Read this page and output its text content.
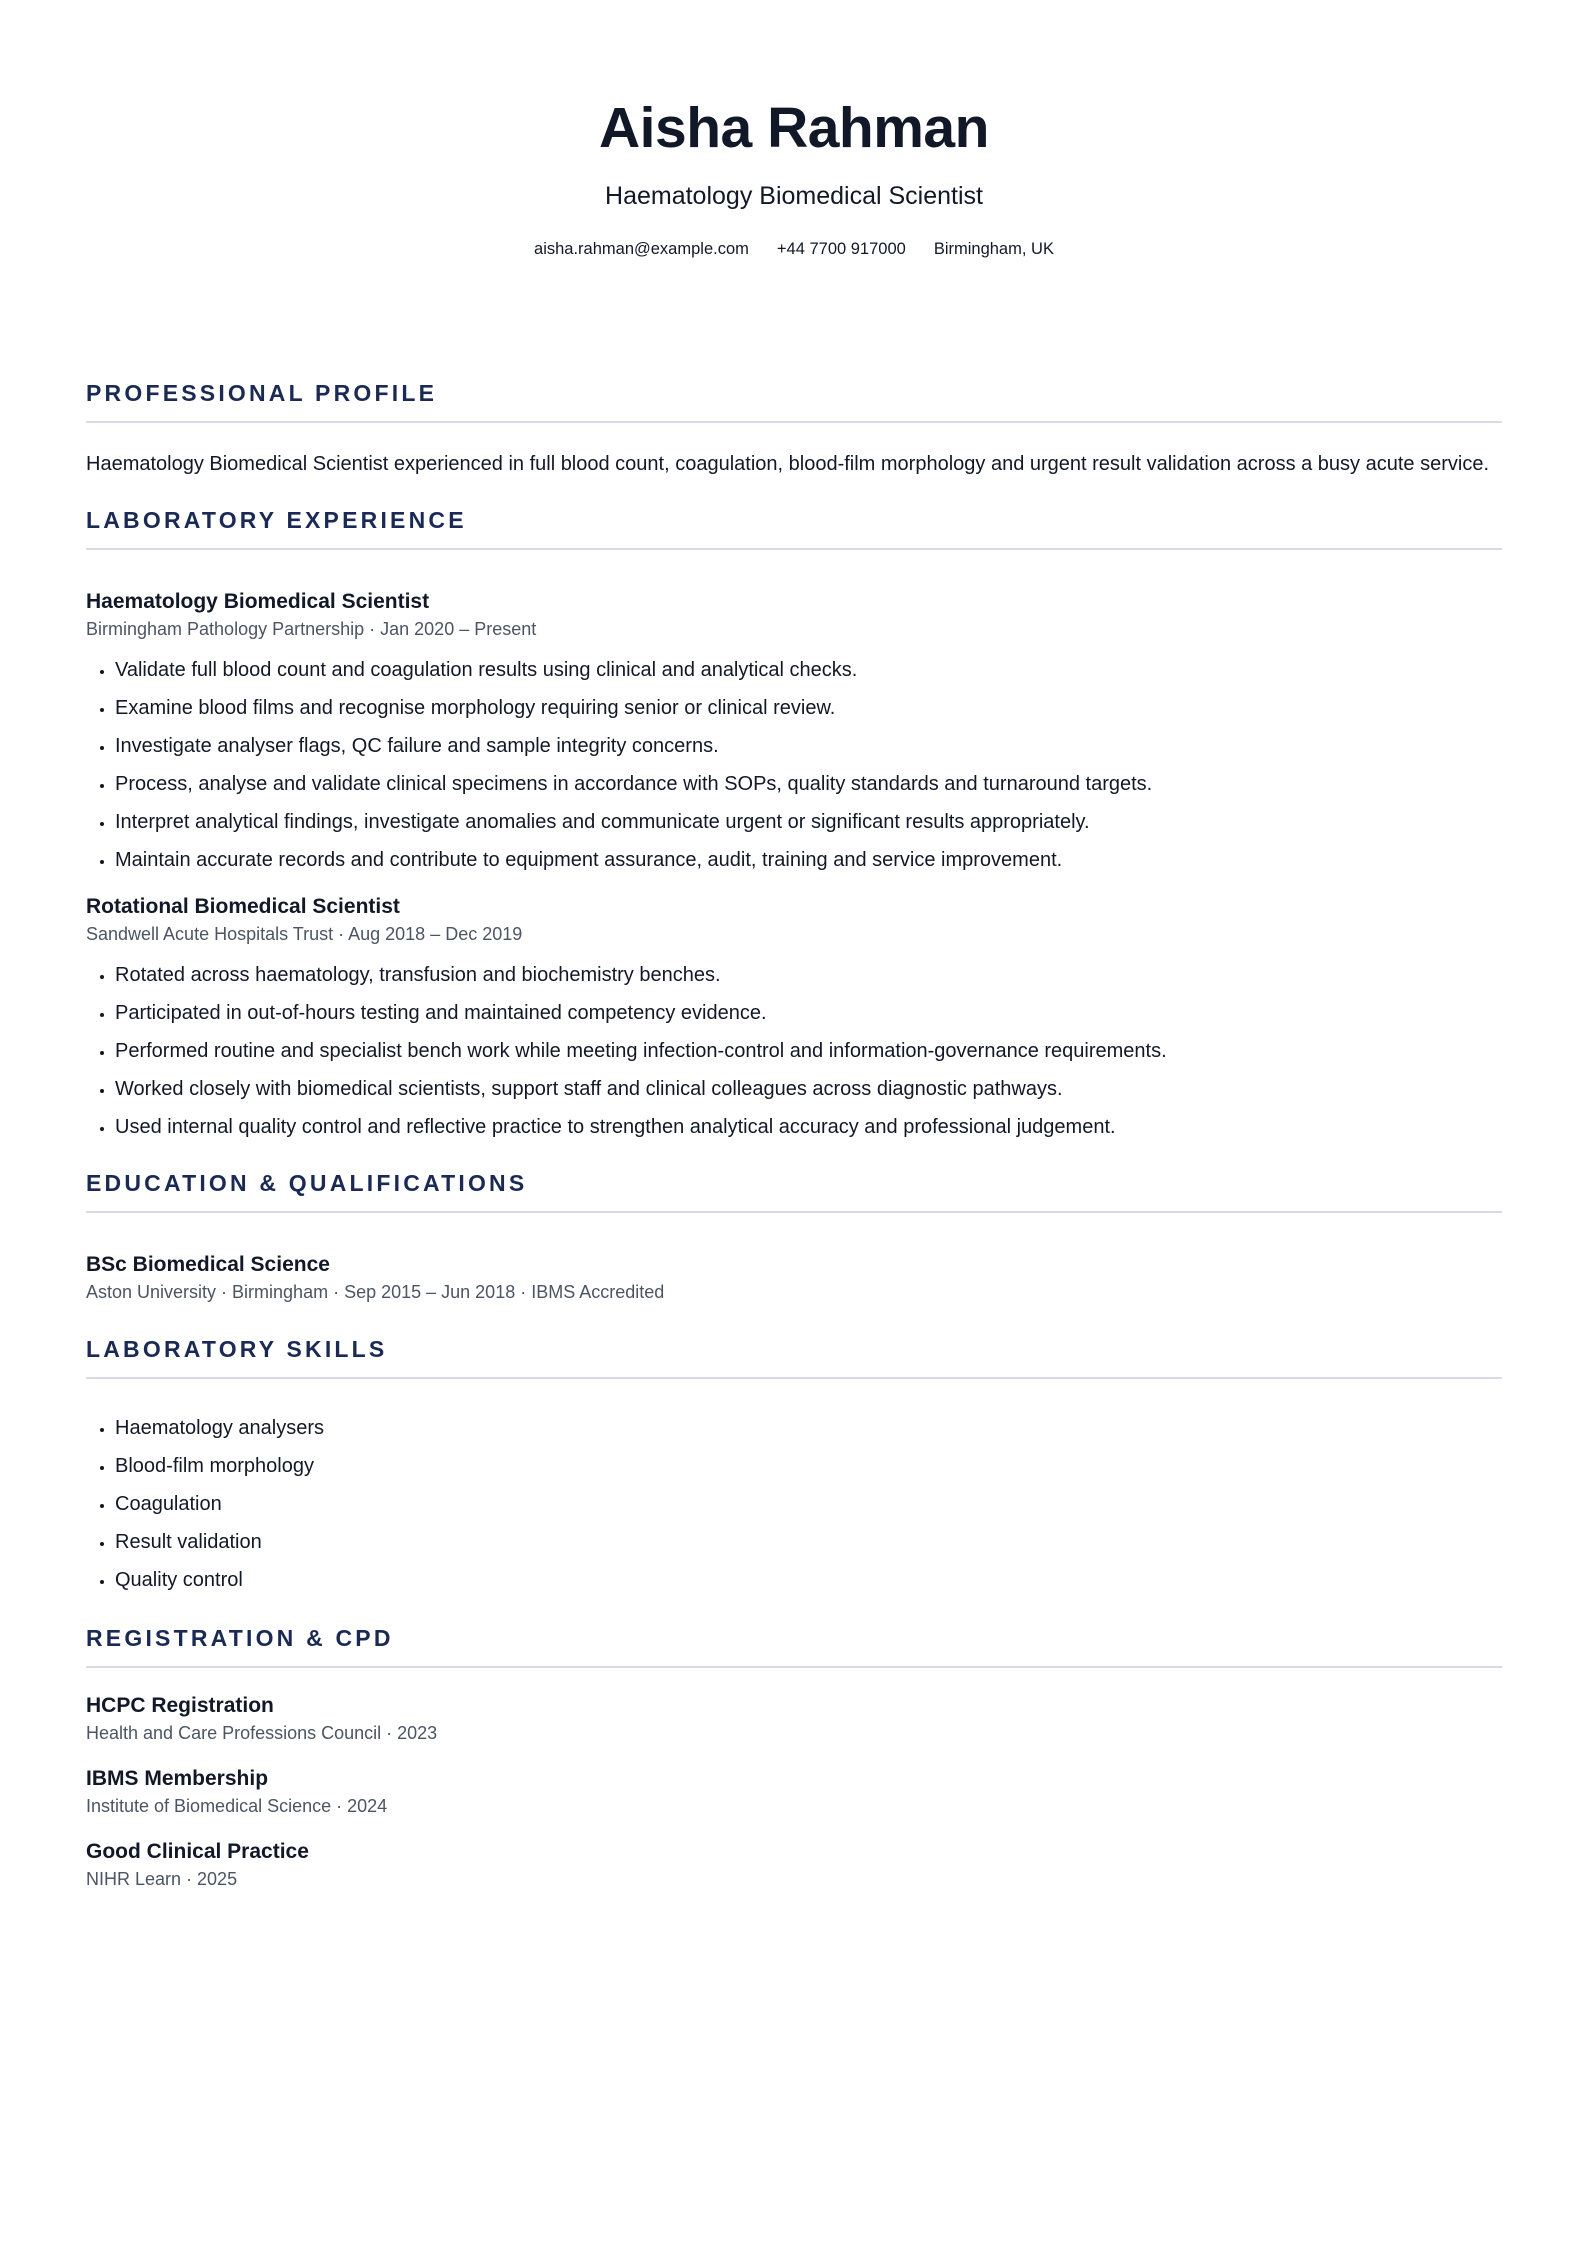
Aisha Rahman
Haematology Biomedical Scientist
aisha.rahman@example.com +44 7700 917000 Birmingham, UK
PROFESSIONAL PROFILE
Haematology Biomedical Scientist experienced in full blood count, coagulation, blood-film morphology and urgent result validation across a busy acute service.
LABORATORY EXPERIENCE
Haematology Biomedical Scientist
Birmingham Pathology Partnership · Jan 2020 – Present
• Validate full blood count and coagulation results using clinical and analytical checks.
• Examine blood films and recognise morphology requiring senior or clinical review.
• Investigate analyser flags, QC failure and sample integrity concerns.
• Process, analyse and validate clinical specimens in accordance with SOPs, quality standards and turnaround targets.
• Interpret analytical findings, investigate anomalies and communicate urgent or significant results appropriately.
• Maintain accurate records and contribute to equipment assurance, audit, training and service improvement.
Rotational Biomedical Scientist
Sandwell Acute Hospitals Trust · Aug 2018 – Dec 2019
• Rotated across haematology, transfusion and biochemistry benches.
• Participated in out-of-hours testing and maintained competency evidence.
• Performed routine and specialist bench work while meeting infection-control and information-governance requirements.
• Worked closely with biomedical scientists, support staff and clinical colleagues across diagnostic pathways.
• Used internal quality control and reflective practice to strengthen analytical accuracy and professional judgement.
EDUCATION & QUALIFICATIONS
BSc Biomedical Science
Aston University · Birmingham · Sep 2015 – Jun 2018 · IBMS Accredited
LABORATORY SKILLS
• Haematology analysers
• Blood-film morphology
• Coagulation
• Result validation
• Quality control
REGISTRATION & CPD
HCPC Registration
Health and Care Professions Council · 2023
IBMS Membership
Institute of Biomedical Science · 2024
Good Clinical Practice
NIHR Learn · 2025
